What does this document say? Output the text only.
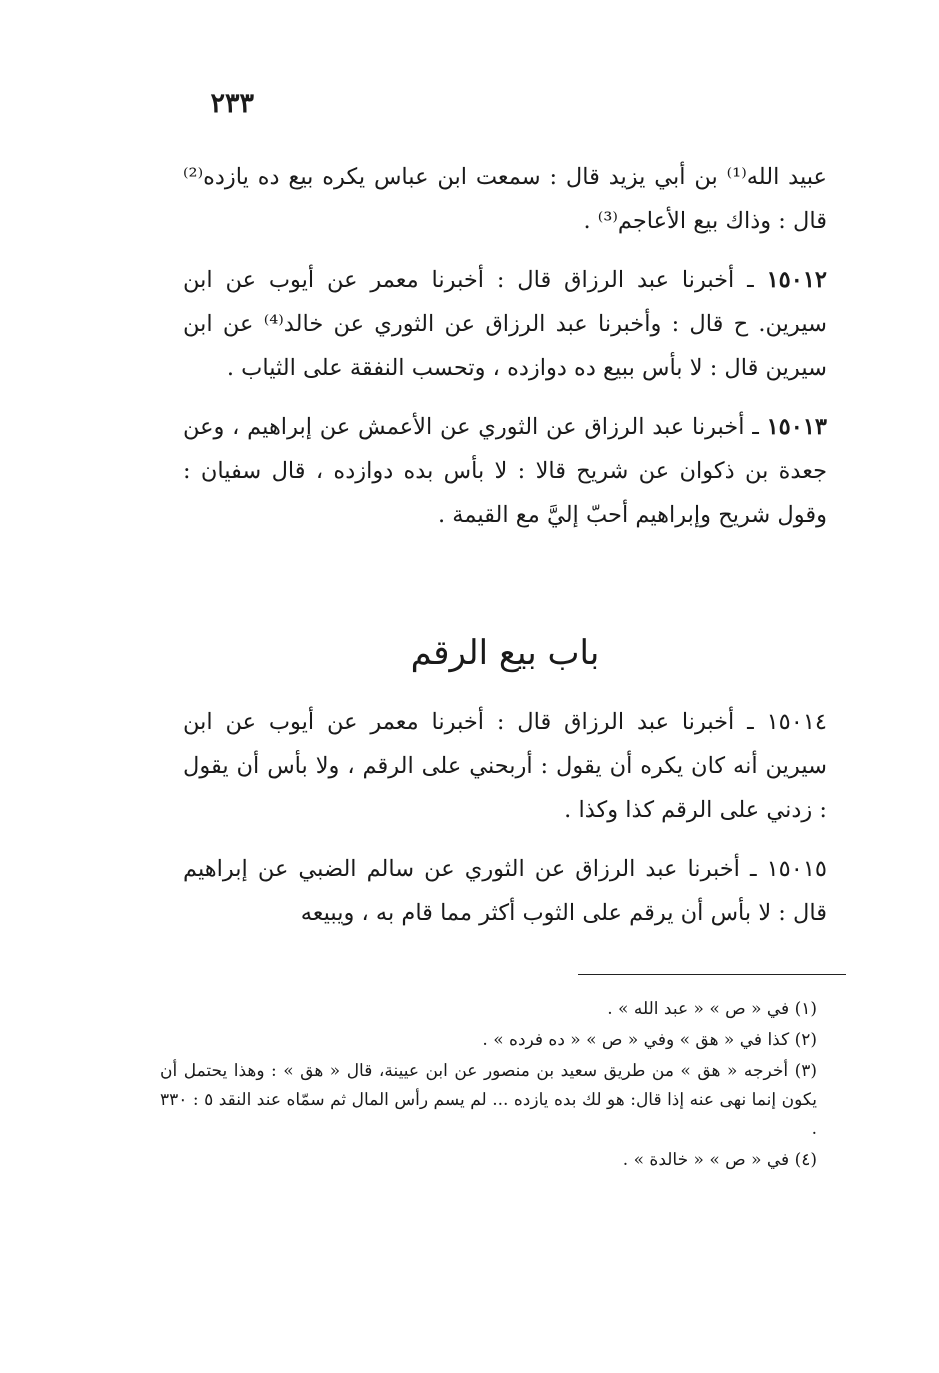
٢٣٣

عبيد الله⁽¹⁾ بن أبي يزيد قال : سمعت ابن عباس يكره بيع ده يازده⁽²⁾ قال : وذاك بيع الأعاجم⁽³⁾ .

١٥٠١٢ ـ أخبرنا عبد الرزاق قال : أخبرنا معمر عن أيوب عن ابن سيرين. ح قال : وأخبرنا عبد الرزاق عن الثوري عن خالد⁽⁴⁾ عن ابن سيرين قال : لا بأس ببيع ده دوازده ، وتحسب النفقة على الثياب .

١٥٠١٣ ـ أخبرنا عبد الرزاق عن الثوري عن الأعمش عن إبراهيم ، وعن جعدة بن ذكوان عن شريح قالا : لا بأس بده دوازده ، قال سفيان : وقول شريح وإبراهيم أحبّ إليَّ مع القيمة .

باب بيع الرقم

١٥٠١٤ ـ أخبرنا عبد الرزاق قال : أخبرنا معمر عن أيوب عن ابن سيرين أنه كان يكره أن يقول : أربحني على الرقم ، ولا بأس أن يقول : زدني على الرقم كذا وكذا .

١٥٠١٥ ـ أخبرنا عبد الرزاق عن الثوري عن سالم الضبي عن إبراهيم قال : لا بأس أن يرقم على الثوب أكثر مما قام به ، ويبيعه

(١) في « ص » « عبد الله » .

(٢) كذا في « هق » وفي « ص » « ده فرده » .

(٣) أخرجه « هق » من طريق سعيد بن منصور عن ابن عيينة، قال « هق » : وهذا يحتمل أن يكون إنما نهى عنه إذا قال: هو لك بده يازده ... لم يسم رأس المال ثم سمّاه عند النقد ٥ : ٣٣٠ .

(٤) في « ص » « خالدة » .
